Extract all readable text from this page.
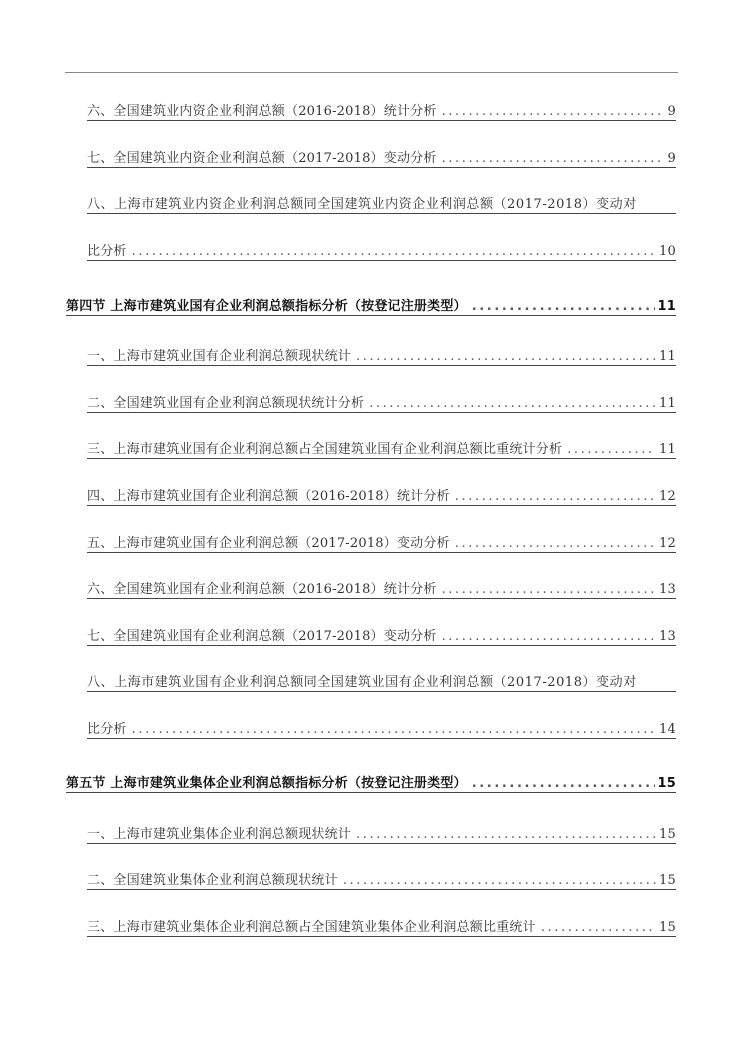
六、全国建筑业内资企业利润总额（2016-2018）统计分析 .....	9
七、全国建筑业内资企业利润总额（2017-2018）变动分析 .....	9
八、上海市建筑业内资企业利润总额同全国建筑业内资企业利润总额（2017-2018）变动对
比分析 .....	10
第四节 上海市建筑业国有企业利润总额指标分析（按登记注册类型） .....	11
一、上海市建筑业国有企业利润总额现状统计 .....	11
二、全国建筑业国有企业利润总额现状统计分析 .....	11
三、上海市建筑业国有企业利润总额占全国建筑业国有企业利润总额比重统计分析 .....	11
四、上海市建筑业国有企业利润总额（2016-2018）统计分析 .....	12
五、上海市建筑业国有企业利润总额（2017-2018）变动分析 .....	12
六、全国建筑业国有企业利润总额（2016-2018）统计分析 .....	13
七、全国建筑业国有企业利润总额（2017-2018）变动分析 .....	13
八、上海市建筑业国有企业利润总额同全国建筑业国有企业利润总额（2017-2018）变动对
比分析 .....	14
第五节 上海市建筑业集体企业利润总额指标分析（按登记注册类型） .....	15
一、上海市建筑业集体企业利润总额现状统计 .....	15
二、全国建筑业集体企业利润总额现状统计 .....	15
三、上海市建筑业集体企业利润总额占全国建筑业集体企业利润总额比重统计 .....	15
